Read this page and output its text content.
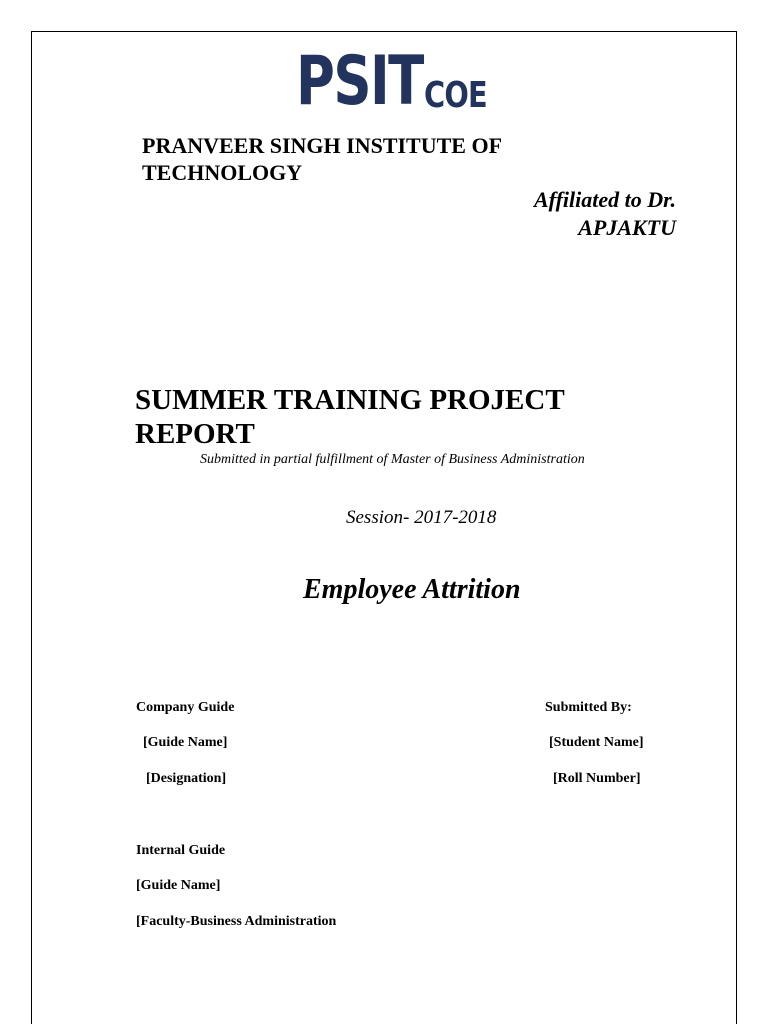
PSIT COE
PRANVEER SINGH INSTITUTE OF TECHNOLOGY
Affiliated to Dr. APJAKTU
SUMMER TRAINING PROJECT REPORT
Submitted in partial fulfillment of Master of Business Administration
Session- 2017-2018
Employee Attrition
Company Guide
[Guide Name]
[Designation]
Submitted By:
[Student Name]
[Roll Number]
Internal Guide
[Guide Name]
[Faculty-Business Administration
